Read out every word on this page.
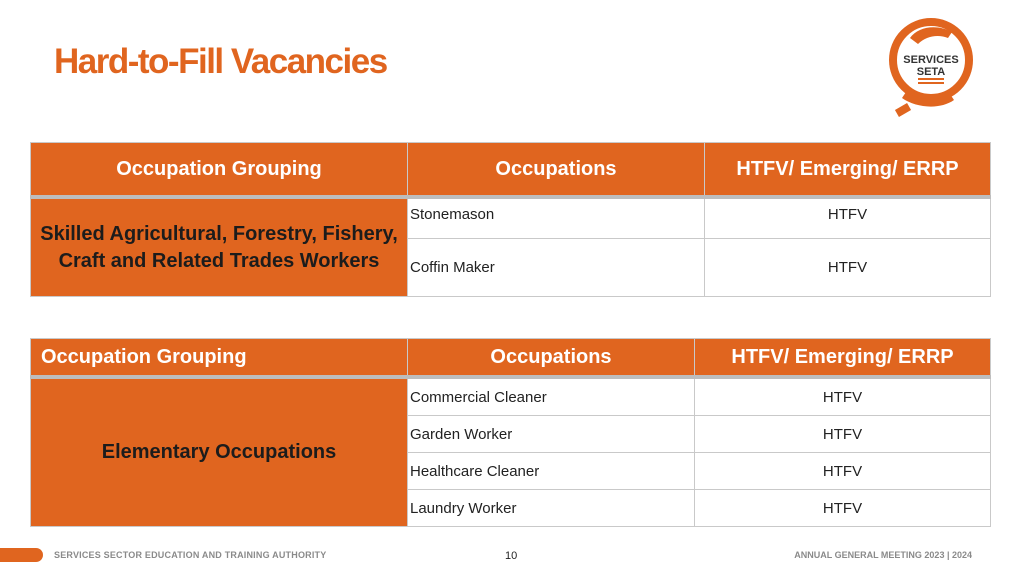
Hard-to-Fill Vacancies	SERVICES
SETA
Occupation Grouping	Occupations	HTFV/ Emerging/ ERRP
Skilled Agricultural, Forestry, Fishery, Craft and Related Trades Workers	Stonemason	HTFV
	Coffin Maker	HTFV
Occupation Grouping	Occupations	HTFV/ Emerging/ ERRP
Elementary Occupations	Commercial Cleaner	HTFV
	Garden Worker	HTFV
	Healthcare Cleaner	HTFV
	Laundry Worker	HTFV
SERVICES SECTOR EDUCATION AND TRAINING AUTHORITY	10	ANNUAL GENERAL MEETING 2023 | 2024
